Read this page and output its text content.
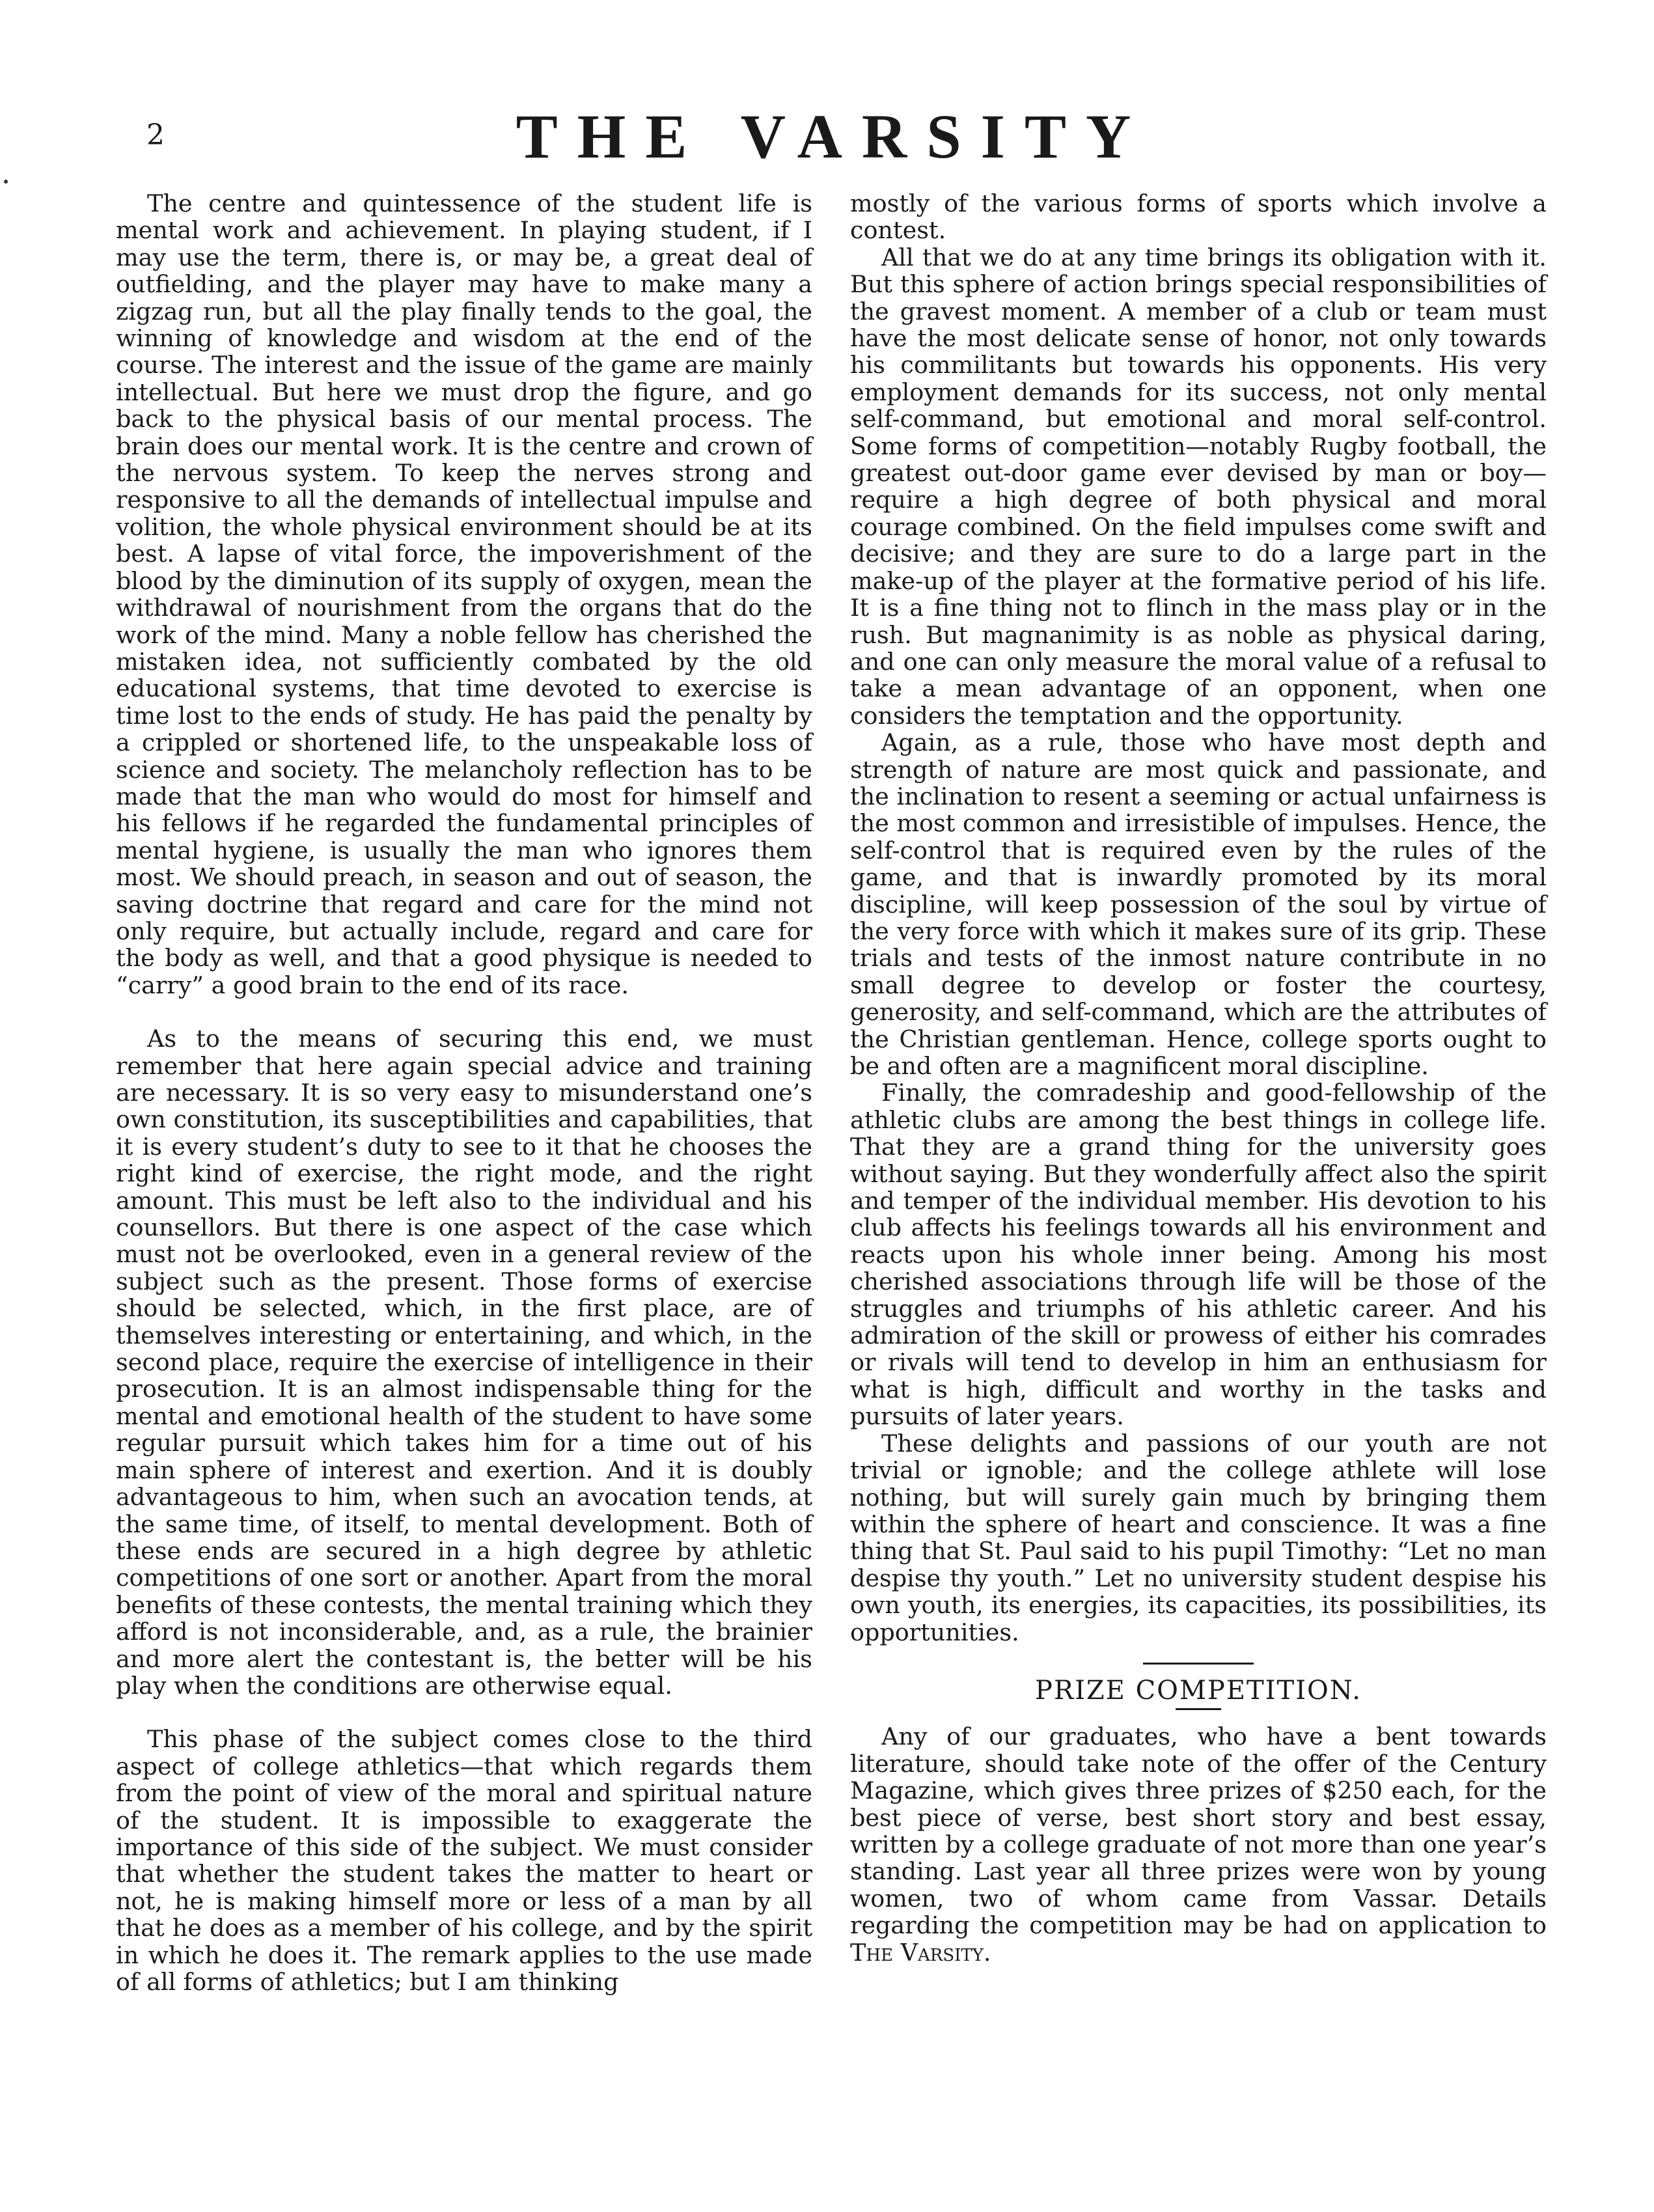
2	THE VARSITY

The centre and quintessence of the student life is mental work and achievement. In playing student, if I may use the term, there is, or may be, a great deal of outfielding, and the player may have to make many a zigzag run, but all the play finally tends to the goal, the winning of knowledge and wisdom at the end of the course. The interest and the issue of the game are mainly intellectual. But here we must drop the figure, and go back to the physical basis of our mental process. The brain does our mental work. It is the centre and crown of the nervous system. To keep the nerves strong and responsive to all the demands of intellectual impulse and volition, the whole physical environment should be at its best. A lapse of vital force, the impoverishment of the blood by the diminution of its supply of oxygen, mean the withdrawal of nourishment from the organs that do the work of the mind. Many a noble fellow has cherished the mistaken idea, not sufficiently combated by the old educational systems, that time devoted to exercise is time lost to the ends of study. He has paid the penalty by a crippled or shortened life, to the unspeakable loss of science and society. The melancholy reflection has to be made that the man who would do most for himself and his fellows if he regarded the fundamental principles of mental hygiene, is usually the man who ignores them most. We should preach, in season and out of season, the saving doctrine that regard and care for the mind not only require, but actually include, regard and care for the body as well, and that a good physique is needed to “carry” a good brain to the end of its race.

As to the means of securing this end, we must remember that here again special advice and training are necessary. It is so very easy to misunderstand one’s own constitution, its susceptibilities and capabilities, that it is every student’s duty to see to it that he chooses the right kind of exercise, the right mode, and the right amount. This must be left also to the individual and his counsellors. But there is one aspect of the case which must not be overlooked, even in a general review of the subject such as the present. Those forms of exercise should be selected, which, in the first place, are of themselves interesting or entertaining, and which, in the second place, require the exercise of intelligence in their prosecution. It is an almost indispensable thing for the mental and emotional health of the student to have some regular pursuit which takes him for a time out of his main sphere of interest and exertion. And it is doubly advantageous to him, when such an avocation tends, at the same time, of itself, to mental development. Both of these ends are secured in a high degree by athletic competitions of one sort or another. Apart from the moral benefits of these contests, the mental training which they afford is not inconsiderable, and, as a rule, the brainier and more alert the contestant is, the better will be his play when the conditions are otherwise equal.

This phase of the subject comes close to the third aspect of college athletics—that which regards them from the point of view of the moral and spiritual nature of the student. It is impossible to exaggerate the importance of this side of the subject. We must consider that whether the student takes the matter to heart or not, he is making himself more or less of a man by all that he does as a member of his college, and by the spirit in which he does it. The remark applies to the use made of all forms of athletics; but I am thinking

mostly of the various forms of sports which involve a contest.

All that we do at any time brings its obligation with it. But this sphere of action brings special responsibilities of the gravest moment. A member of a club or team must have the most delicate sense of honor, not only towards his commilitants but towards his opponents. His very employment demands for its success, not only mental self-command, but emotional and moral self-control. Some forms of competition—notably Rugby football, the greatest out-door game ever devised by man or boy—require a high degree of both physical and moral courage combined. On the field impulses come swift and decisive; and they are sure to do a large part in the make-up of the player at the formative period of his life. It is a fine thing not to flinch in the mass play or in the rush. But magnanimity is as noble as physical daring, and one can only measure the moral value of a refusal to take a mean advantage of an opponent, when one considers the temptation and the opportunity.

Again, as a rule, those who have most depth and strength of nature are most quick and passionate, and the inclination to resent a seeming or actual unfairness is the most common and irresistible of impulses. Hence, the self-control that is required even by the rules of the game, and that is inwardly promoted by its moral discipline, will keep possession of the soul by virtue of the very force with which it makes sure of its grip. These trials and tests of the inmost nature contribute in no small degree to develop or foster the courtesy, generosity, and self-command, which are the attributes of the Christian gentleman. Hence, college sports ought to be and often are a magnificent moral discipline.

Finally, the comradeship and good-fellowship of the athletic clubs are among the best things in college life. That they are a grand thing for the university goes without saying. But they wonderfully affect also the spirit and temper of the individual member. His devotion to his club affects his feelings towards all his environment and reacts upon his whole inner being. Among his most cherished associations through life will be those of the struggles and triumphs of his athletic career. And his admiration of the skill or prowess of either his comrades or rivals will tend to develop in him an enthusiasm for what is high, difficult and worthy in the tasks and pursuits of later years.

These delights and passions of our youth are not trivial or ignoble; and the college athlete will lose nothing, but will surely gain much by bringing them within the sphere of heart and conscience. It was a fine thing that St. Paul said to his pupil Timothy: “Let no man despise thy youth.” Let no university student despise his own youth, its energies, its capacities, its possibilities, its opportunities.

PRIZE COMPETITION.

Any of our graduates, who have a bent towards literature, should take note of the offer of the Century Magazine, which gives three prizes of $250 each, for the best piece of verse, best short story and best essay, written by a college graduate of not more than one year’s standing. Last year all three prizes were won by young women, two of whom came from Vassar. Details regarding the competition may be had on application to The Varsity.
